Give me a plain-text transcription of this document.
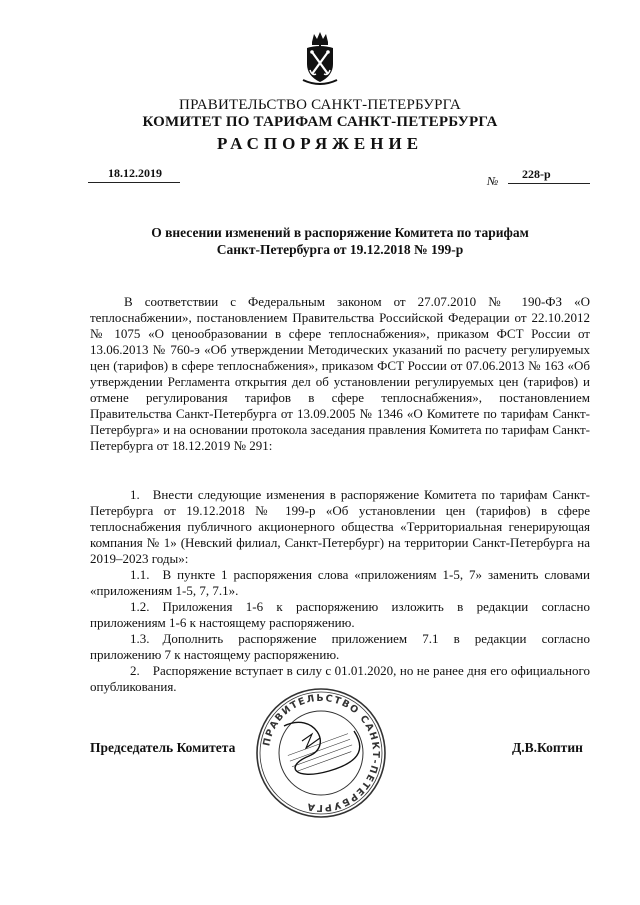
ПРАВИТЕЛЬСТВО САНКТ-ПЕТЕРБУРГА
КОМИТЕТ ПО ТАРИФАМ САНКТ-ПЕТЕРБУРГА
РАСПОРЯЖЕНИЕ
18.12.2019
№ 228-р
О внесении изменений в распоряжение Комитета по тарифам
Санкт-Петербурга от 19.12.2018 № 199-р

В соответствии с Федеральным законом от 27.07.2010 № 190-ФЗ «О теплоснабжении», постановлением Правительства Российской Федерации от 22.10.2012 № 1075 «О ценообразовании в сфере теплоснабжения», приказом ФСТ России от 13.06.2013 № 760-э «Об утверждении Методических указаний по расчету регулируемых цен (тарифов) в сфере теплоснабжения», приказом ФСТ России от 07.06.2013 № 163 «Об утверждении Регламента открытия дел об установлении регулируемых цен (тарифов) и отмене регулирования тарифов в сфере теплоснабжения», постановлением Правительства Санкт-Петербурга от 13.09.2005 № 1346 «О Комитете по тарифам Санкт-Петербурга» и на основании протокола заседания правления Комитета по тарифам Санкт-Петербурга от 18.12.2019 № 291:

1. Внести следующие изменения в распоряжение Комитета по тарифам Санкт-Петербурга от 19.12.2018 № 199-р «Об установлении цен (тарифов) в сфере теплоснабжения публичного акционерного общества «Территориальная генерирующая компания № 1» (Невский филиал, Санкт-Петербург) на территории Санкт-Петербурга на 2019–2023 годы»:

1.1. В пункте 1 распоряжения слова «приложениям 1-5, 7» заменить словами «приложениям 1-5, 7, 7.1».

1.2. Приложения 1-6 к распоряжению изложить в редакции согласно приложениям 1-6 к настоящему распоряжению.

1.3. Дополнить распоряжение приложением 7.1 в редакции согласно приложению 7 к настоящему распоряжению.

2. Распоряжение вступает в силу с 01.01.2020, но не ранее дня его официального опубликования.

ПРАВИТЕЛЬСТВО САНКТ-ПЕТЕРБУРГА
Председатель Комитета	Д.В.Коптин
